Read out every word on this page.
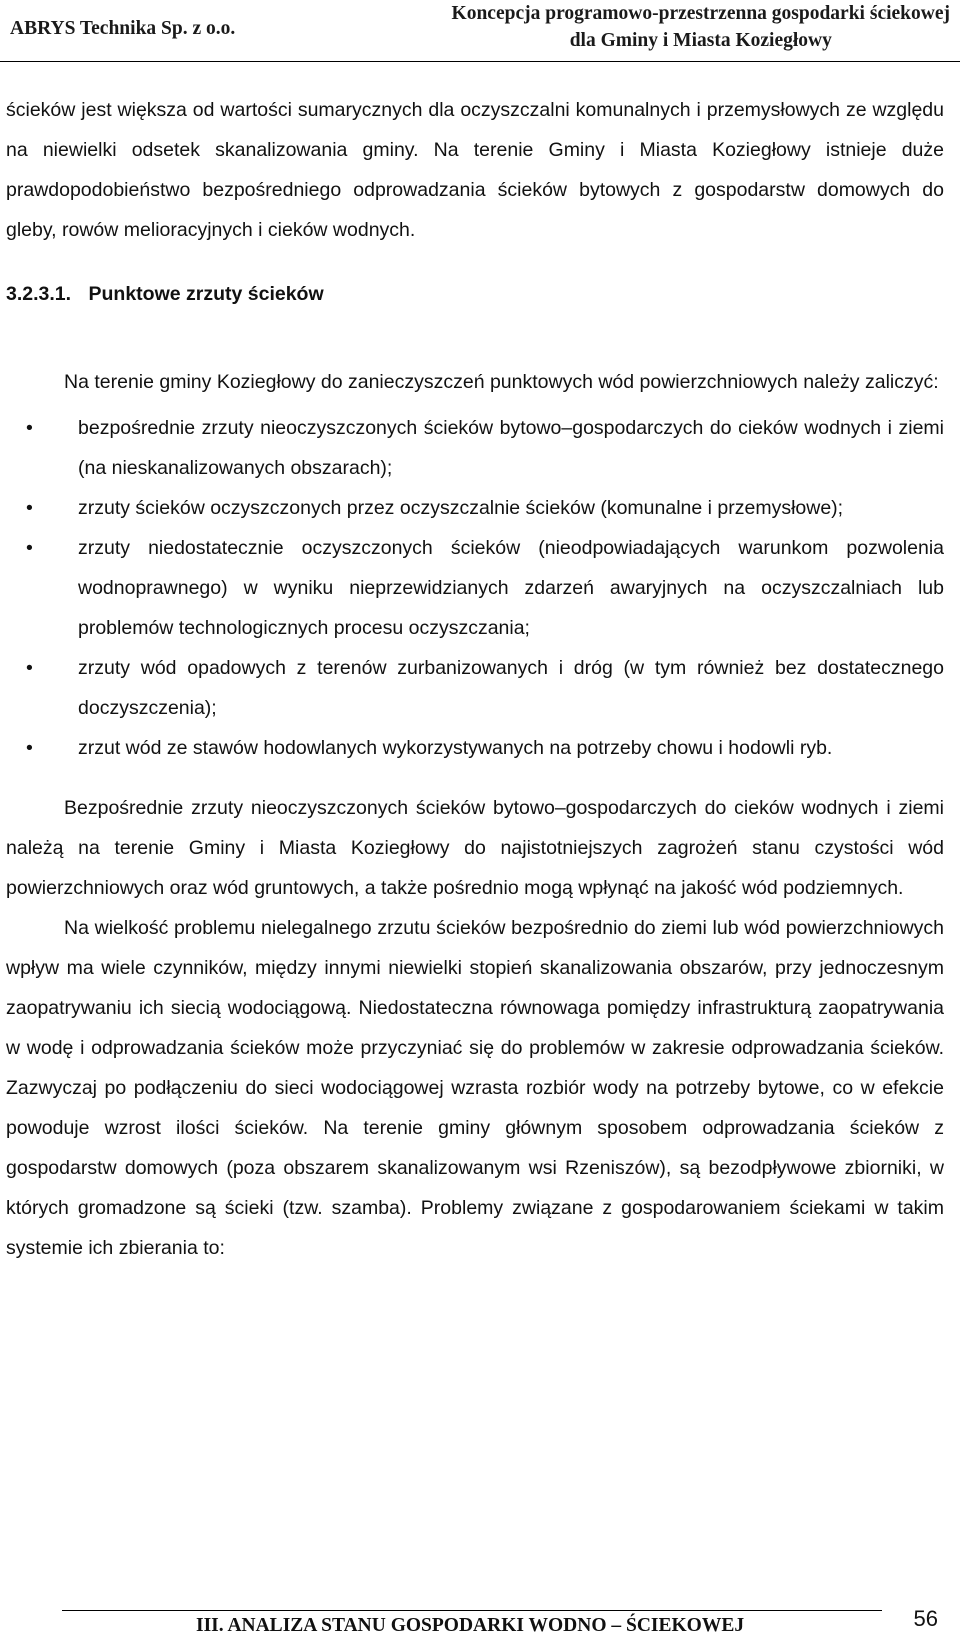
ABRYS Technika Sp. z o.o.
Koncepcja programowo-przestrzenna gospodarki ściekowej
dla Gminy i Miasta Koziegłowy

ścieków jest większa od wartości sumarycznych dla oczyszczalni komunalnych i przemysłowych ze względu na niewielki odsetek skanalizowania gminy. Na terenie Gminy i Miasta Koziegłowy istnieje duże prawdopodobieństwo bezpośredniego odprowadzania ścieków bytowych z gospodarstw domowych do gleby, rowów melioracyjnych i cieków wodnych.

3.2.3.1. Punktowe zrzuty ścieków

Na terenie gminy Koziegłowy do zanieczyszczeń punktowych wód powierzchniowych należy zaliczyć:

• bezpośrednie zrzuty nieoczyszczonych ścieków bytowo–gospodarczych do cieków wodnych i ziemi (na nieskanalizowanych obszarach);
• zrzuty ścieków oczyszczonych przez oczyszczalnie ścieków (komunalne i przemysłowe);
• zrzuty niedostatecznie oczyszczonych ścieków (nieodpowiadających warunkom pozwolenia wodnoprawnego) w wyniku nieprzewidzianych zdarzeń awaryjnych na oczyszczalniach lub problemów technologicznych procesu oczyszczania;
• zrzuty wód opadowych z terenów zurbanizowanych i dróg (w tym również bez dostatecznego doczyszczenia);
• zrzut wód ze stawów hodowlanych wykorzystywanych na potrzeby chowu i hodowli ryb.

Bezpośrednie zrzuty nieoczyszczonych ścieków bytowo–gospodarczych do cieków wodnych i ziemi należą na terenie Gminy i Miasta Koziegłowy do najistotniejszych zagrożeń stanu czystości wód powierzchniowych oraz wód gruntowych, a także pośrednio mogą wpłynąć na jakość wód podziemnych.

Na wielkość problemu nielegalnego zrzutu ścieków bezpośrednio do ziemi lub wód powierzchniowych wpływ ma wiele czynników, między innymi niewielki stopień skanalizowania obszarów, przy jednoczesnym zaopatrywaniu ich siecią wodociągową. Niedostateczna równowaga pomiędzy infrastrukturą zaopatrywania w wodę i odprowadzania ścieków może przyczyniać się do problemów w zakresie odprowadzania ścieków. Zazwyczaj po podłączeniu do sieci wodociągowej wzrasta rozbiór wody na potrzeby bytowe, co w efekcie powoduje wzrost ilości ścieków. Na terenie gminy głównym sposobem odprowadzania ścieków z gospodarstw domowych (poza obszarem skanalizowanym wsi Rzeniszów), są bezodpływowe zbiorniki, w których gromadzone są ścieki (tzw. szamba). Problemy związane z gospodarowaniem ściekami w takim systemie ich zbierania to:

III. ANALIZA STANU GOSPODARKI WODNO – ŚCIEKOWEJ	56
